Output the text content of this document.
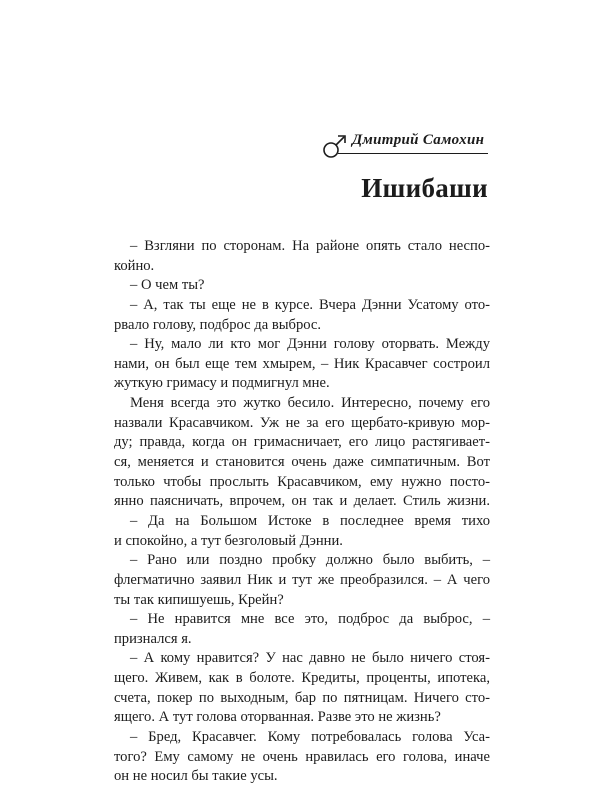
Дмитрий Самохин
Ишибаши
– Взгляни по сторонам. На районе опять стало неспо-
койно.
– О чем ты?
– А, так ты еще не в курсе. Вчера Дэнни Усатому ото-
рвало голову, подброс да выброс.
– Ну, мало ли кто мог Дэнни голову оторвать. Между
нами, он был еще тем хмырем, – Ник Красавчег состроил
жуткую гримасу и подмигнул мне.
Меня всегда это жутко бесило. Интересно, почему его
назвали Красавчиком. Уж не за его щербато-кривую мор-
ду; правда, когда он гримасничает, его лицо растягивает-
ся, меняется и становится очень даже симпатичным. Вот
только чтобы прослыть Красавчиком, ему нужно посто-
янно паясничать, впрочем, он так и делает. Стиль жизни.
– Да на Большом Истоке в последнее время тихо
и спокойно, а тут безголовый Дэнни.
– Рано или поздно пробку должно было выбить, –
флегматично заявил Ник и тут же преобразился. – А чего
ты так кипишуешь, Крейн?
– Не нравится мне все это, подброс да выброс, –
признался я.
– А кому нравится? У нас давно не было ничего стоя-
щего. Живем, как в болоте. Кредиты, проценты, ипотека,
счета, покер по выходным, бар по пятницам. Ничего сто-
ящего. А тут голова оторванная. Разве это не жизнь?
– Бред, Красавчег. Кому потребовалась голова Уса-
того? Ему самому не очень нравилась его голова, иначе
он не носил бы такие усы.
